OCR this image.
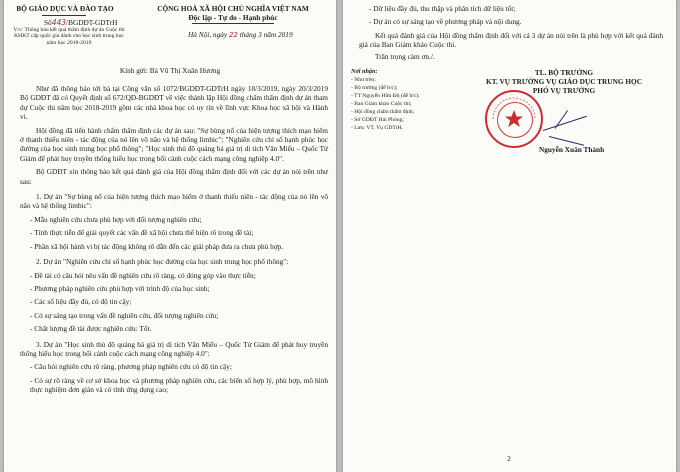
BỘ GIÁO DỤC VÀ ĐÀO TẠO
Số443/BGDĐT-GDTrH
V/v: Thông báo kết quả thẩm định dự án Cuộc thi KHKT cấp quốc gia dành cho học sinh trung học năm học 2018-2019
CỘNG HOÀ XÃ HỘI CHỦ NGHĨA VIỆT NAM
Độc lập - Tự do - Hạnh phúc
Hà Nội, ngày 22 tháng 3 năm 2019
Kính gửi: Bà Vũ Thị Xuân Hương

Như đã thông báo tới bà tại Công văn số 1072/BGDĐT-GDTrH ngày 18/3/2019, ngày 20/3/2019 Bộ GDĐT đã có Quyết định số 672/QĐ-BGDĐT về việc thành lập Hội đồng chấm thẩm định dự án tham dự Cuộc thi năm học 2018-2019 gồm các nhà khoa học có uy tín về lĩnh vực Khoa học xã hội và Hành vi.

Hội đồng đã tiến hành chấm thẩm định các dự án sau: "Sự bùng nổ của hiện tượng thích mạo hiểm ở thanh thiếu niên - tác động của nó lên võ não và hệ thống limbic"; "Nghiên cứu chỉ số hạnh phúc học đường của học sinh trung học phổ thông"; "Học sinh thủ đô quảng bá giá trị di tích Văn Miếu – Quốc Tử Giám để phát huy truyền thống hiếu học trong bối cảnh cuộc cách mạng công nghiệp 4.0".

Bộ GDĐT xin thông báo kết quả đánh giá của Hội đồng thẩm định đối với các dự án nói trên như sau:

1. Dự án "Sự bùng nổ của hiện tượng thích mạo hiểm ở thanh thiếu niên - tác động của nó lên võ não và hệ thống limbic":

- Mẫu nghiên cứu chưa phù hợp với đối tượng nghiên cứu;

- Tính thực tiễn để giải quyết các vấn đề xã hội chưa thể hiện rõ trong đề tài;

- Phần xã hội hành vi bị tác động không rõ dẫn đến các giải pháp đưa ra chưa phù hợp.

2. Dự án "Nghiên cứu chỉ số hạnh phúc học đường của học sinh trung học phổ thông":

- Đề tài có câu hỏi nêu vấn đề nghiên cứu rõ ràng, có đóng góp vào thực tiễn;

- Phương pháp nghiên cứu phù hợp với trình độ của học sinh;

- Các số liệu đầy đủ, có độ tin cậy;

- Có sự sáng tạo trong vấn đề nghiên cứu, đối tượng nghiên cứu;

- Chất lượng đề tài được nghiên cứu: Tốt.

3. Dự án "Học sinh thủ đô quảng bá giá trị di tích Văn Miếu – Quốc Tử Giám để phát huy truyền thống hiếu học trong bối cảnh cuộc cách mạng công nghiệp 4.0":

- Câu hỏi nghiên cứu rõ ràng, phương pháp nghiên cứu có độ tin cậy;

- Có sự rõ ràng về cơ sở khoa học và phương pháp nghiên cứu, các biến số hợp lý, phù hợp, mô hình thực nghiệm đơn giản và có tính ứng dụng cao;

- Dữ liệu đầy đủ, thu thập và phân tích dữ liệu tốt;

- Dự án có sự sáng tạo về phương pháp và nội dung.

Kết quả đánh giá của Hội đồng thẩm định đối với cả 3 dự án nói trên là phù hợp với kết quả đánh giá của Ban Giám khảo Cuộc thi.

Trân trọng cảm ơn./.

Nơi nhận:
- Như trên;
- Bộ trưởng (để b/c);
- TT Nguyễn Hữu Độ (để b/c);
- Ban Giám khảo Cuộc thi;
- Hội đồng chấm thẩm định;
- Sở GDĐT Hải Phòng;
- Lưu: VT, Vụ GDTrH.
TL. BỘ TRƯỞNG
KT. VỤ TRƯỞNG VỤ GIÁO DỤC TRUNG HỌC
PHÓ VỤ TRƯỞNG
Nguyễn Xuân Thành
2
